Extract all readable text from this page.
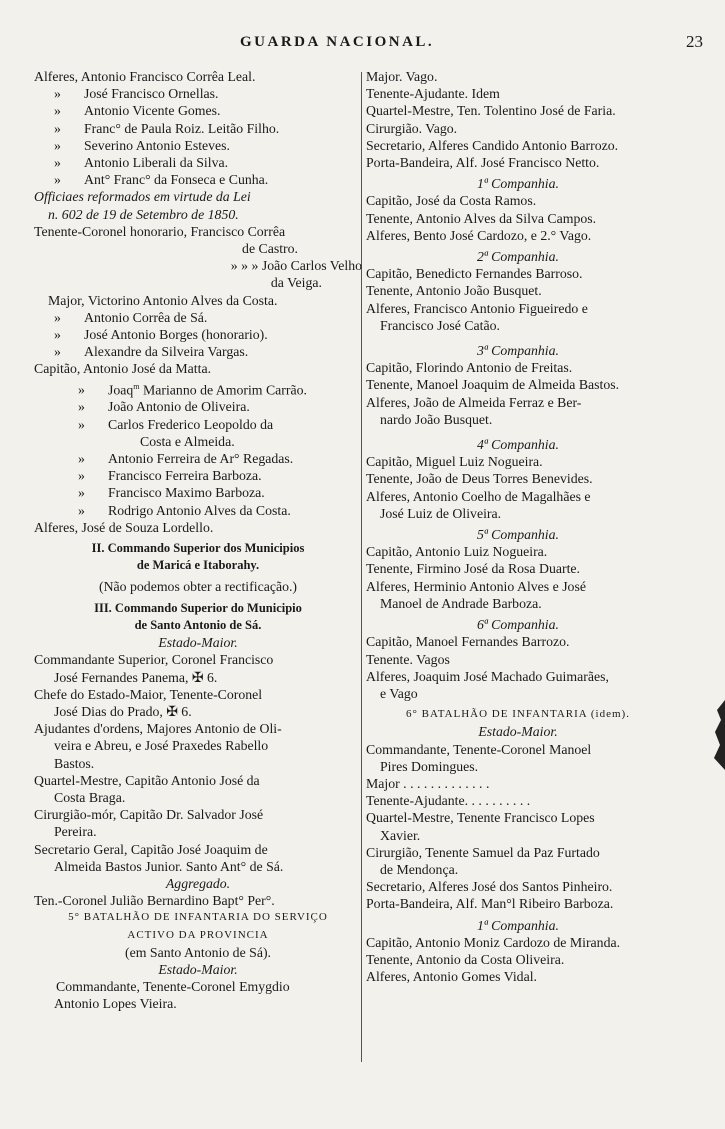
GUARDA NACIONAL.	23
Alferes, Antonio Francisco Corrêa Leal.
» José Francisco Ornellas.
» Antonio Vicente Gomes.
» Franc° de Paula Roiz. Leitão Filho.
» Severino Antonio Esteves.
» Antonio Liberali da Silva.
» Ant° Franc° da Fonseca e Cunha.
Officiaes reformados em virtude da Lei
n. 602 de 19 de Setembro de 1850.
Tenente-Coronel honorario, Francisco Corrêa
de Castro.
» » » João Carlos Velho
da Veiga.
Major, Victorino Antonio Alves da Costa.
» Antonio Corrêa de Sá.
» José Antonio Borges (honorario).
» Alexandre da Silveira Vargas.
Capitão, Antonio José da Matta.
» Joaq$^m$ Marianno de Amorim Carrão.
» João Antonio de Oliveira.
» Carlos Frederico Leopoldo da
Costa e Almeida.
» Antonio Ferreira de Ar° Regadas.
» Francisco Ferreira Barboza.
» Francisco Maximo Barboza.
» Rodrigo Antonio Alves da Costa.
Alferes, José de Souza Lordello.
II. Commando Superior dos Municipios
de Maricá e Itaborahy.
(Não podemos obter a rectificação.)
III. Commando Superior do Municipio
de Santo Antonio de Sá.
Estado-Maior.
Commandante Superior, Coronel Francisco
José Fernandes Panema, ✠ 6.
Chefe do Estado-Maior, Tenente-Coronel
José Dias do Prado, ✠ 6.
Ajudantes d'ordens, Majores Antonio de Oli-
veira e Abreu, e José Praxedes Rabello
Bastos.
Quartel-Mestre, Capitão Antonio José da
Costa Braga.
Cirurgião-mór, Capitão Dr. Salvador José
Pereira.
Secretario Geral, Capitão José Joaquim de
Almeida Bastos Junior. Santo Ant° de Sá.
Aggregado.
Ten.-Coronel Julião Bernardino Bapt° Per°.
5° BATALHÃO DE INFANTARIA DO SERVIÇO
ACTIVO DA PROVINCIA
(em Santo Antonio de Sá).
Estado-Maior.
Commandante, Tenente-Coronel Emygdio
Antonio Lopes Vieira.
Major. Vago.
Tenente-Ajudante. Idem
Quartel-Mestre, Ten. Tolentino José de Faria.
Cirurgião. Vago.
Secretario, Alferes Candido Antonio Barrozo.
Porta-Bandeira, Alf. José Francisco Netto.
1ª Companhia.
Capitão, José da Costa Ramos.
Tenente, Antonio Alves da Silva Campos.
Alferes, Bento José Cardozo, e 2.° Vago.
2ª Companhia.
Capitão, Benedicto Fernandes Barroso.
Tenente, Antonio João Busquet.
Alferes, Francisco Antonio Figueiredo e
Francisco José Catão.
3ª Companhia.
Capitão, Florindo Antonio de Freitas.
Tenente, Manoel Joaquim de Almeida Bastos.
Alferes, João de Almeida Ferraz e Ber-
nardo João Busquet.
4ª Companhia.
Capitão, Miguel Luiz Nogueira.
Tenente, João de Deus Torres Benevides.
Alferes, Antonio Coelho de Magalhães e
José Luiz de Oliveira.
5ª Companhia.
Capitão, Antonio Luiz Nogueira.
Tenente, Firmino José da Rosa Duarte.
Alferes, Herminio Antonio Alves e José
Manoel de Andrade Barboza.
6ª Companhia.
Capitão, Manoel Fernandes Barrozo.
Tenente. Vagos
Alferes, Joaquim José Machado Guimarães,
e Vago
6° BATALHÃO DE INFANTARIA (idem).
Estado-Maior.
Commandante, Tenente-Coronel Manoel
Pires Domingues.
Major . . . . . . . . . . . . .
Tenente-Ajudante. . . . . . . . . .
Quartel-Mestre, Tenente Francisco Lopes
Xavier.
Cirurgião, Tenente Samuel da Paz Furtado
de Mendonça.
Secretario, Alferes José dos Santos Pinheiro.
Porta-Bandeira, Alf. Man°l Ribeiro Barboza.
1ª Companhia.
Capitão, Antonio Moniz Cardozo de Miranda.
Tenente, Antonio da Costa Oliveira.
Alferes, Antonio Gomes Vidal.
